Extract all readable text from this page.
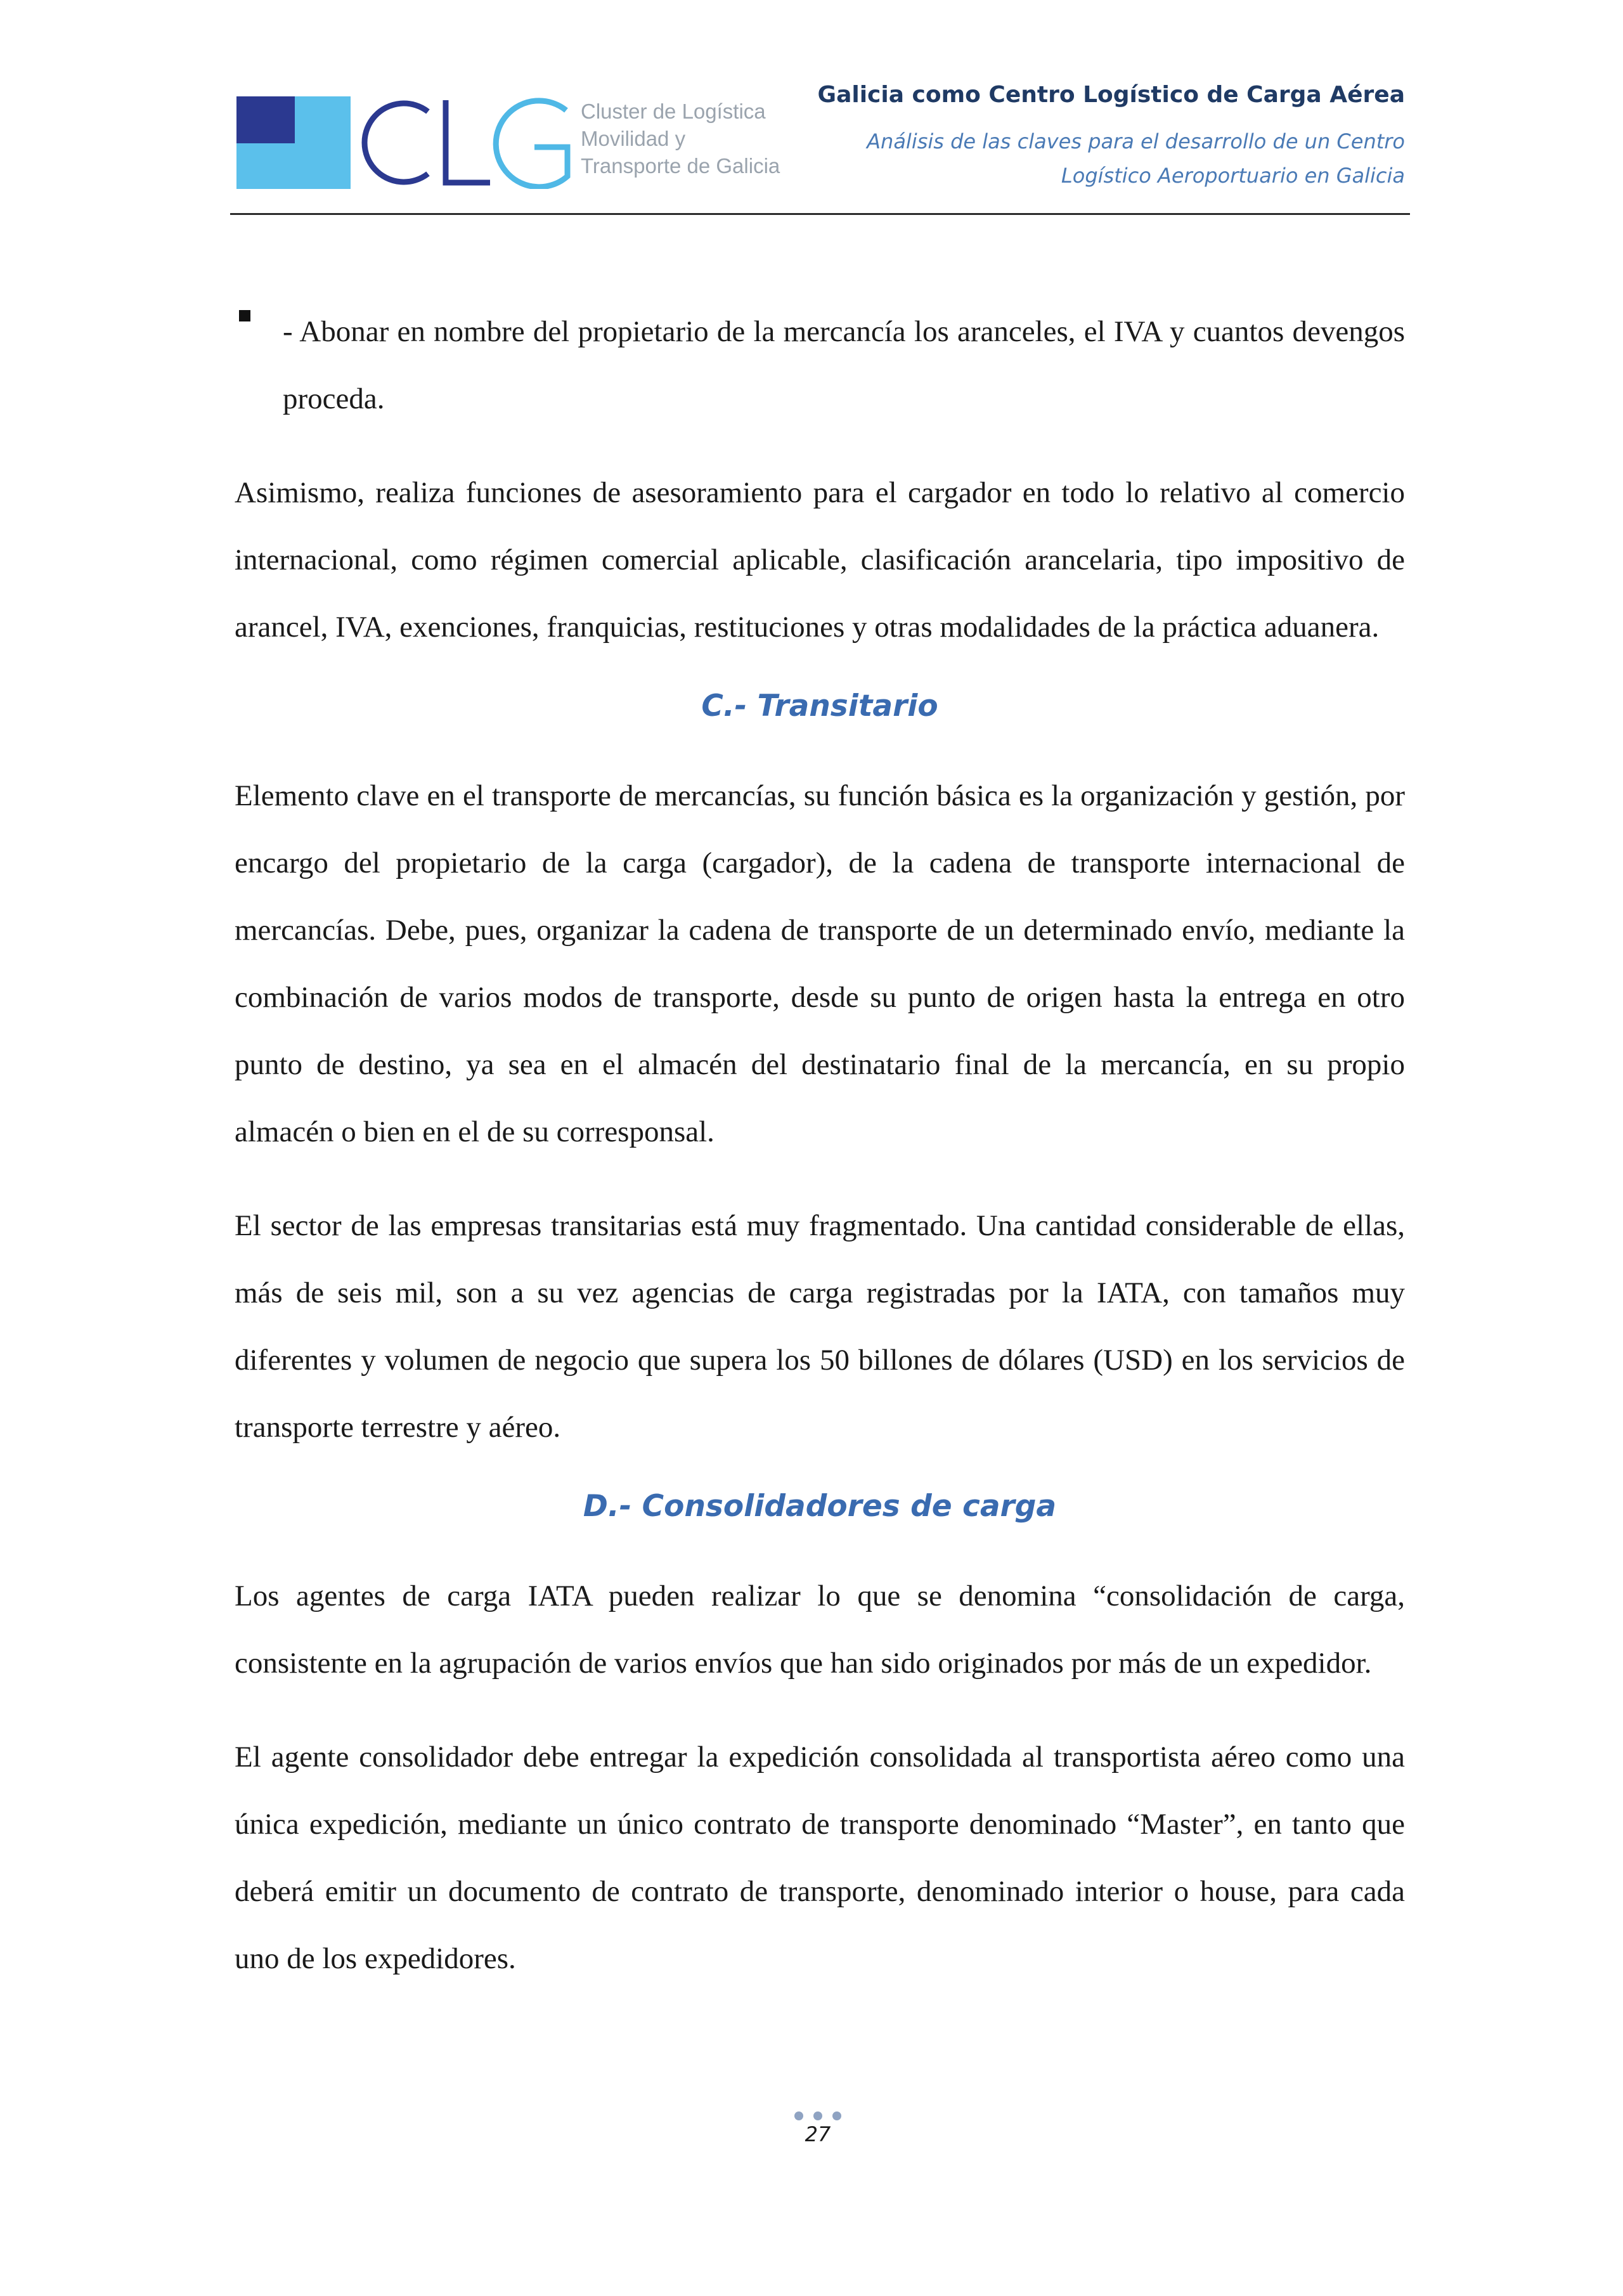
Cluster de Logística
Movilidad y
Transporte de Galicia
Galicia como Centro Logístico de Carga Aérea
Análisis de las claves para el desarrollo de un Centro
Logístico Aeroportuario en Galicia

- Abonar en nombre del propietario de la mercancía los aranceles, el IVA y cuantos devengos proceda.

Asimismo, realiza funciones de asesoramiento para el cargador en todo lo relativo al comercio internacional, como régimen comercial aplicable, clasificación arancelaria, tipo impositivo de arancel, IVA, exenciones, franquicias, restituciones y otras modalidades de la práctica aduanera.

C.- Transitario

Elemento clave en el transporte de mercancías, su función básica es la organización y gestión, por encargo del propietario de la carga (cargador), de la cadena de transporte internacional de mercancías. Debe, pues, organizar la cadena de transporte de un determinado envío, mediante la combinación de varios modos de transporte, desde su punto de origen hasta la entrega en otro punto de destino, ya sea en el almacén del destinatario final de la mercancía, en su propio almacén o bien en el de su corresponsal.

El sector de las empresas transitarias está muy fragmentado. Una cantidad considerable de ellas, más de seis mil, son a su vez agencias de carga registradas por la IATA, con tamaños muy diferentes y volumen de negocio que supera los 50 billones de dólares (USD) en los servicios de transporte terrestre y aéreo.

D.- Consolidadores de carga

Los agentes de carga IATA pueden realizar lo que se denomina “consolidación de carga, consistente en la agrupación de varios envíos que han sido originados por más de un expedidor.

El agente consolidador debe entregar la expedición consolidada al transportista aéreo como una única expedición, mediante un único contrato de transporte denominado “Master”, en tanto que deberá emitir un documento de contrato de transporte, denominado interior o house, para cada uno de los expedidores.

27
